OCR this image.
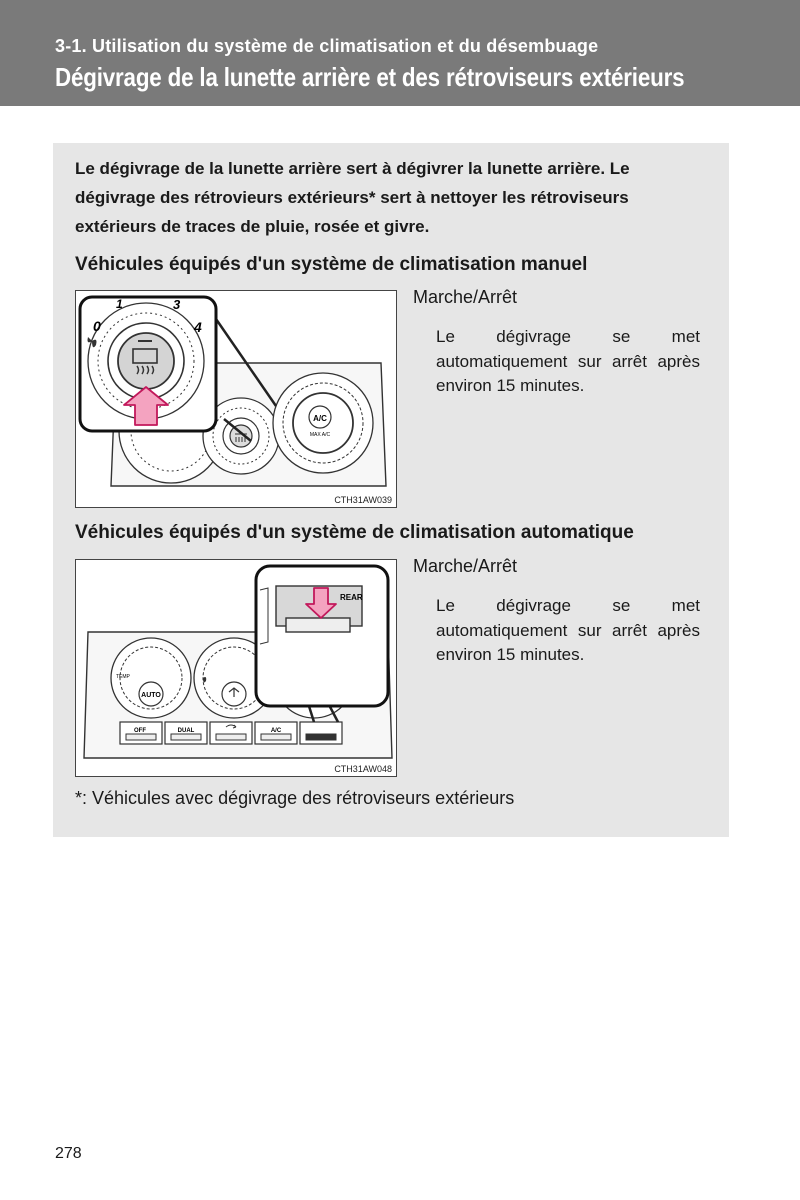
3-1. Utilisation du système de climatisation et du désembuage
Dégivrage de la lunette arrière et des rétroviseurs extérieurs
Le dégivrage de la lunette arrière sert à dégivrer la lunette arrière. Le dégivrage des rétrovieurs extérieurs* sert à nettoyer les rétroviseurs extérieurs de traces de pluie, rosée et givre.
Véhicules équipés d'un système de climatisation manuel
A/C
MAX A/C
0
1	3
4
CTH31AW039
Marche/Arrêt
Le dégivrage se met automatiquement sur arrêt après environ 15 minutes.
Véhicules équipés d'un système de climatisation automatique
AUTO
TEMP
OFF	DUAL	A/C
REAR
CTH31AW048
Marche/Arrêt
Le dégivrage se met automatiquement sur arrêt après environ 15 minutes.
*: Véhicules avec dégivrage des rétroviseurs extérieurs
278
